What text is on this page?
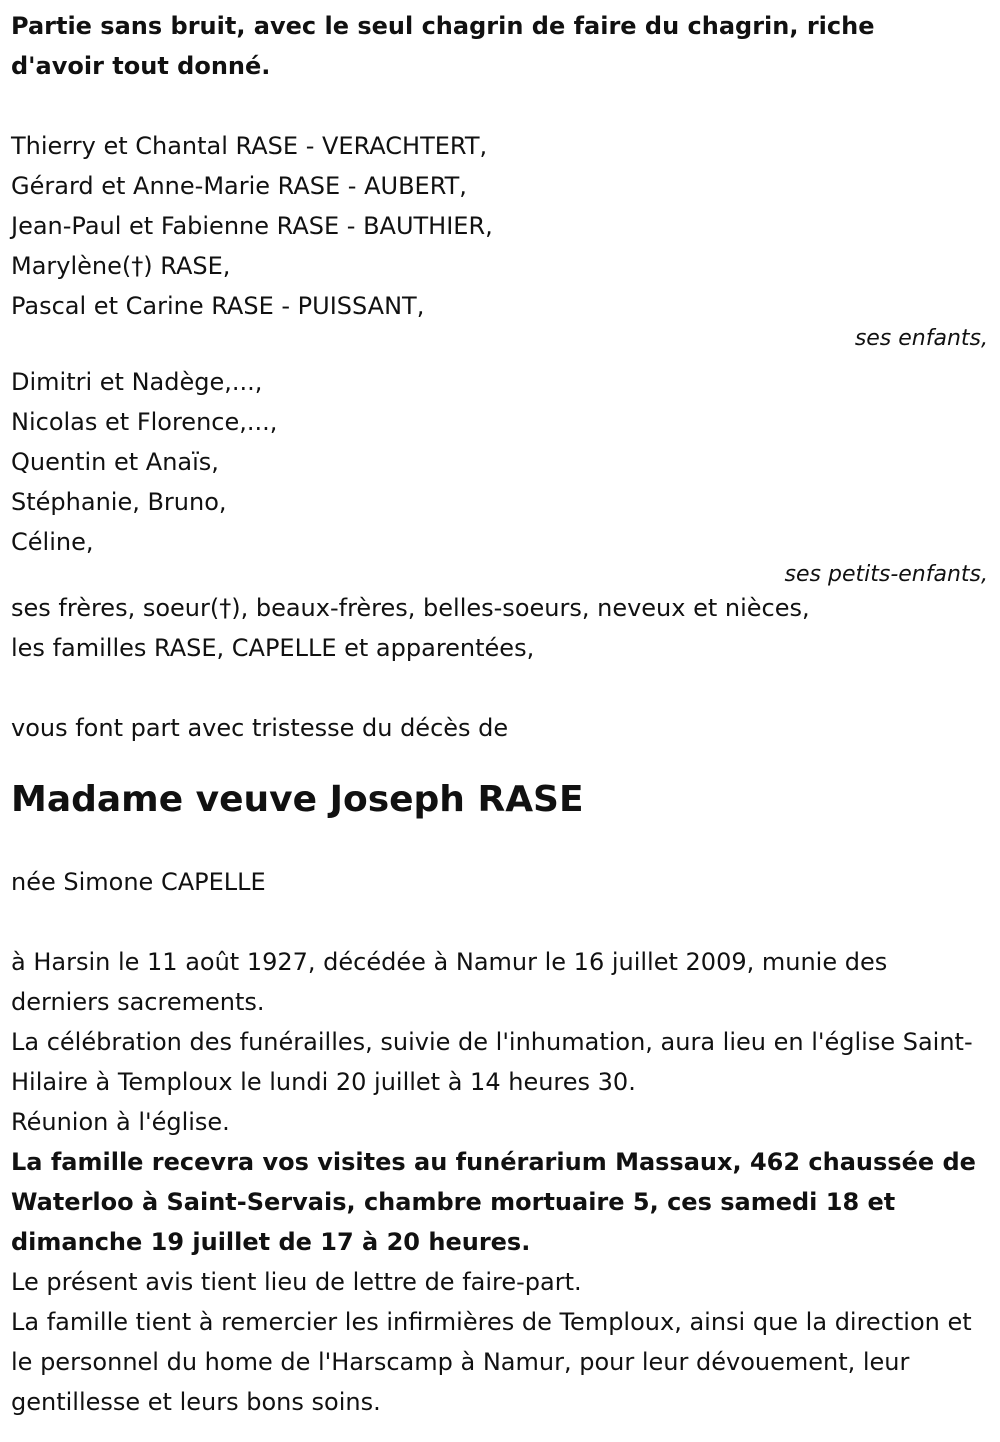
Partie sans bruit, avec le seul chagrin de faire du chagrin, riche

d'avoir tout donné.

Thierry et Chantal RASE - VERACHTERT,

Gérard et Anne-Marie RASE - AUBERT,

Jean-Paul et Fabienne RASE - BAUTHIER,

Marylène(†) RASE,

Pascal et Carine RASE - PUISSANT,

ses enfants,

Dimitri et Nadège,...,

Nicolas et Florence,...,

Quentin et Anaïs,

Stéphanie, Bruno,

Céline,

ses petits-enfants,

ses frères, soeur(†), beaux-frères, belles-soeurs, neveux et nièces,

les familles RASE, CAPELLE et apparentées,

vous font part avec tristesse du décès de

Madame veuve Joseph RASE

née Simone CAPELLE

à Harsin le 11 août 1927, décédée à Namur le 16 juillet 2009, munie des derniers sacrements.

La célébration des funérailles, suivie de l'inhumation, aura lieu en l'église Saint-Hilaire à Temploux le lundi 20 juillet à 14 heures 30.

Réunion à l'église.

La famille recevra vos visites au funérarium Massaux, 462 chaussée de Waterloo à Saint-Servais, chambre mortuaire 5, ces samedi 18 et dimanche 19 juillet de 17 à 20 heures.

Le présent avis tient lieu de lettre de faire-part.

La famille tient à remercier les infirmières de Temploux, ainsi que la direction et le personnel du home de l'Harscamp à Namur, pour leur dévouement, leur gentillesse et leurs bons soins.
